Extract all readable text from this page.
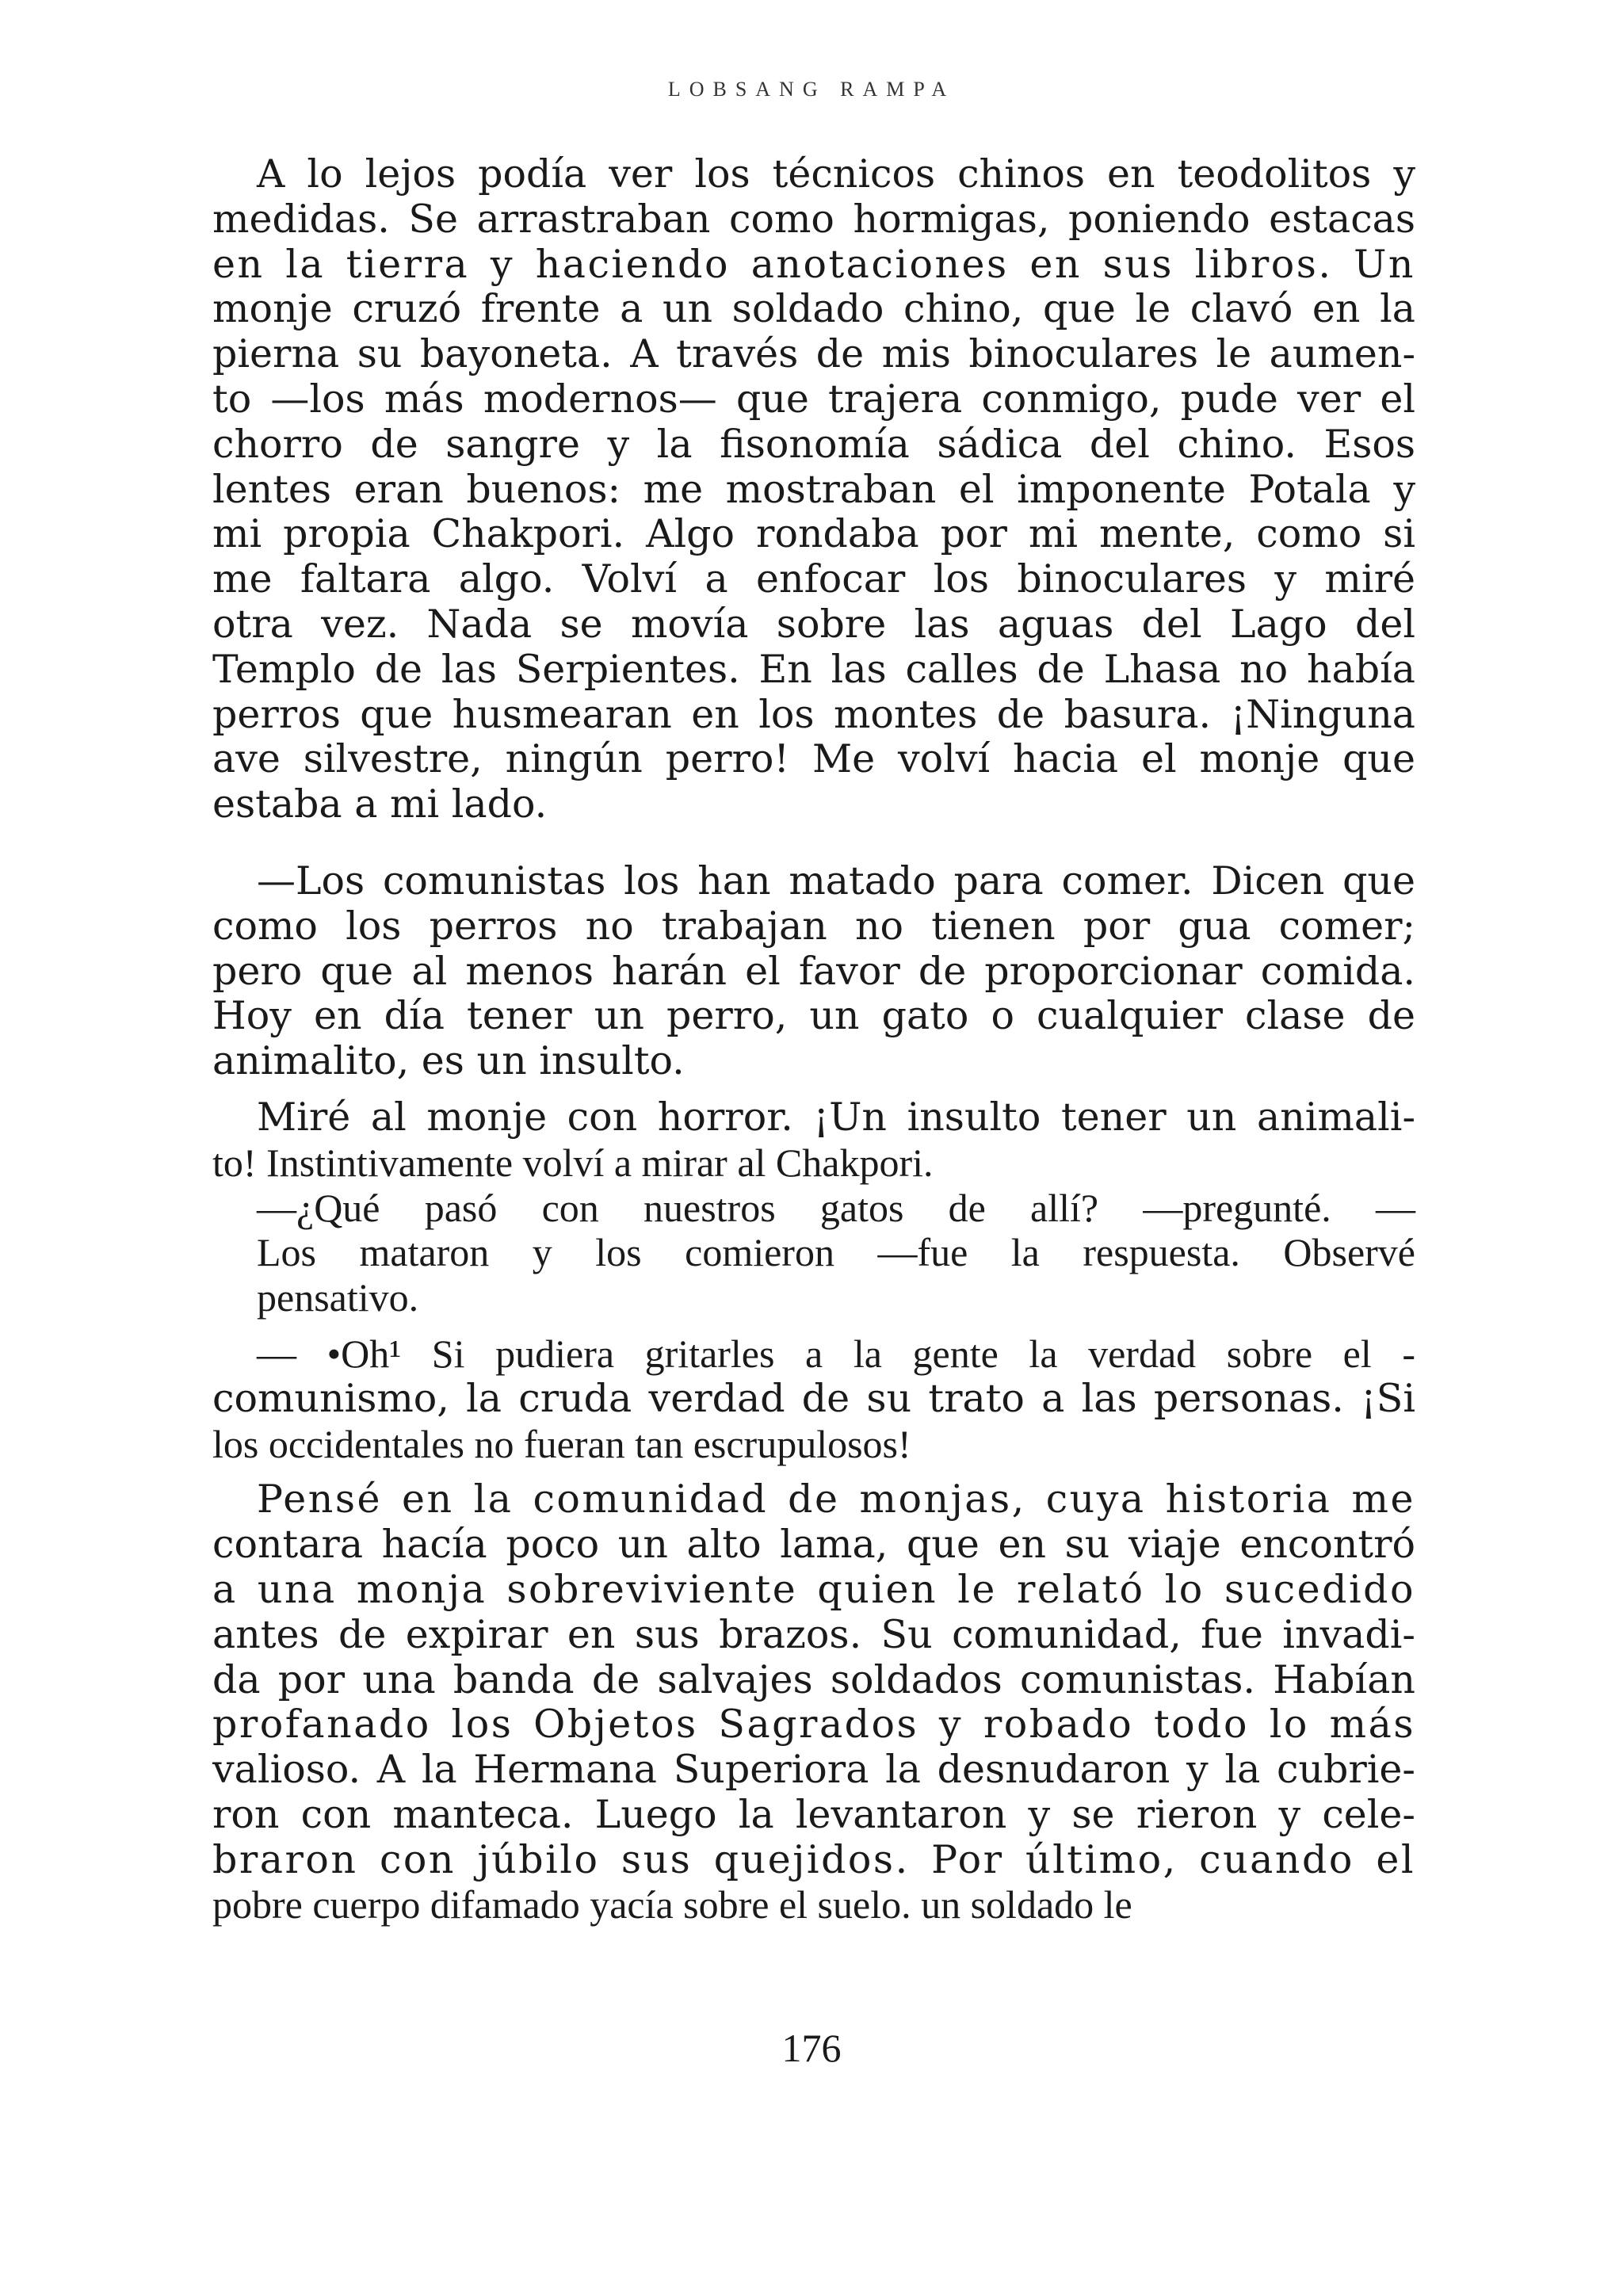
LOBSANG RAMPA
A lo lejos podía ver los técnicos chinos en teodolitos y
medidas. Se arrastraban como hormigas, poniendo estacas
en la tierra y haciendo anotaciones en sus libros. Un
monje cruzó frente a un soldado chino, que le clavó en la
pierna su bayoneta. A través de mis binoculares le aumen-
to —los más modernos— que trajera conmigo, pude ver el
chorro de sangre y la fisonomía sádica del chino. Esos
lentes eran buenos: me mostraban el imponente Potala y
mi propia Chakpori. Algo rondaba por mi mente, como si
me faltara algo. Volví a enfocar los binoculares y miré
otra vez. Nada se movía sobre las aguas del Lago del
Templo de las Serpientes. En las calles de Lhasa no había
perros que husmearan en los montes de basura. ¡Ninguna
ave silvestre, ningún perro! Me volví hacia el monje que
estaba a mi lado.
—Los comunistas los han matado para comer. Dicen que
como los perros no trabajan no tienen por gua comer;
pero que al menos harán el favor de proporcionar comida.
Hoy en día tener un perro, un gato o cualquier clase de
animalito, es un insulto.
Miré al monje con horror. ¡Un insulto tener un animali-
to! Instintivamente volví a mirar al Chakpori.
—¿Qué pasó con nuestros gatos de allí? —pregunté. —
Los mataron y los comieron —fue la respuesta. Observé
pensativo.
— •Oh¹ Si pudiera gritarles a la gente la verdad sobre el -
comunismo, la cruda verdad de su trato a las personas. ¡Si
los occidentales no fueran tan escrupulosos!
Pensé en la comunidad de monjas, cuya historia me
contara hacía poco un alto lama, que en su viaje encontró
a una monja sobreviviente quien le relató lo sucedido
antes de expirar en sus brazos. Su comunidad, fue invadi-
da por una banda de salvajes soldados comunistas. Habían
profanado los Objetos Sagrados y robado todo lo más
valioso. A la Hermana Superiora la desnudaron y la cubrie-
ron con manteca. Luego la levantaron y se rieron y cele-
braron con júbilo sus quejidos. Por último, cuando el
pobre cuerpo difamado yacía sobre el suelo. un soldado le
176
